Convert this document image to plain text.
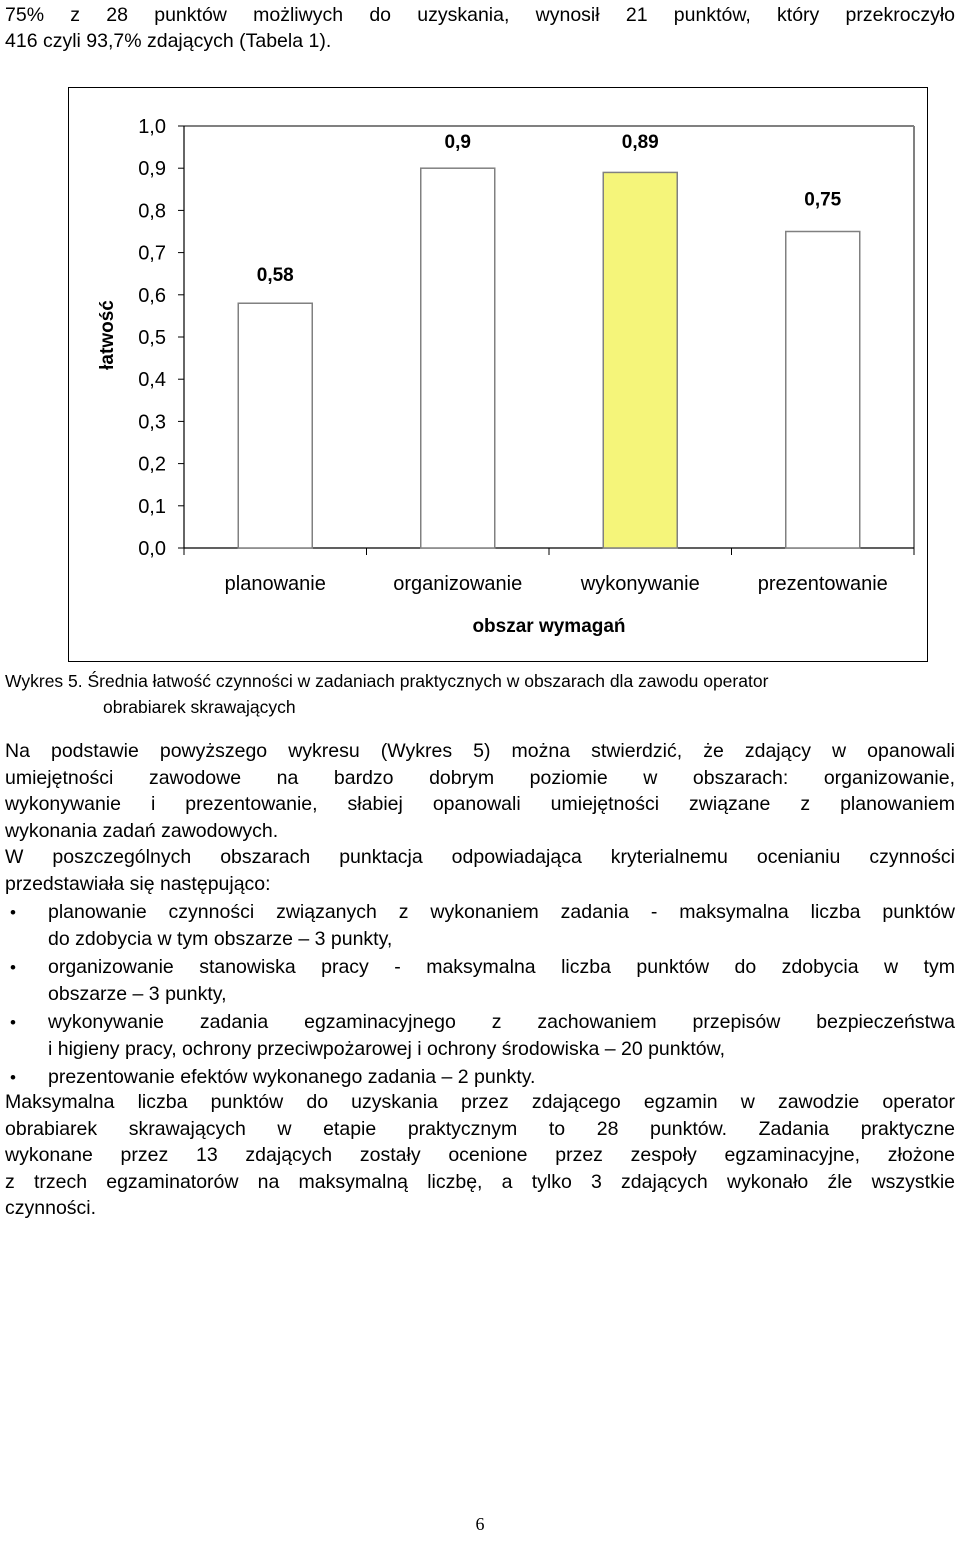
75% z 28 punktów możliwych do uzyskania, wynosił 21 punktów, który przekroczyło

416 czyli 93,7% zdających (Tabela 1).

łatwość
obszar wymagań
0,0
0,1
0,2
0,3
0,4
0,5
0,6
0,7
0,8
0,9
1,0
0,58
planowanie
0,9
organizowanie
0,89
wykonywanie
0,75
prezentowanie
Wykres 5. Średnia łatwość czynności w zadaniach praktycznych w obszarach dla zawodu operator
obrabiarek skrawających
Na podstawie powyższego wykresu (Wykres 5) można stwierdzić, że zdający w opanowali
umiejętności zawodowe na bardzo dobrym poziomie w obszarach: organizowanie,
wykonywanie i prezentowanie, słabiej opanowali umiejętności związane z planowaniem
wykonania zadań zawodowych.
W poszczególnych obszarach punktacja odpowiadająca kryterialnemu ocenianiu czynności
przedstawiała się następująco:
• planowanie czynności związanych z wykonaniem zadania - maksymalna liczba punktów
do zdobycia w tym obszarze – 3 punkty,
• organizowanie stanowiska pracy - maksymalna liczba punktów do zdobycia w tym
obszarze – 3 punkty,
• wykonywanie zadania egzaminacyjnego z zachowaniem przepisów bezpieczeństwa
i higieny pracy, ochrony przeciwpożarowej i ochrony środowiska – 20 punktów,
• prezentowanie efektów wykonanego zadania – 2 punkty.
Maksymalna liczba punktów do uzyskania przez zdającego egzamin w zawodzie operator
obrabiarek skrawających w etapie praktycznym to 28 punktów. Zadania praktyczne
wykonane przez 13 zdających zostały ocenione przez zespoły egzaminacyjne, złożone
z trzech egzaminatorów na maksymalną liczbę, a tylko 3 zdających wykonało źle wszystkie
czynności.
6
